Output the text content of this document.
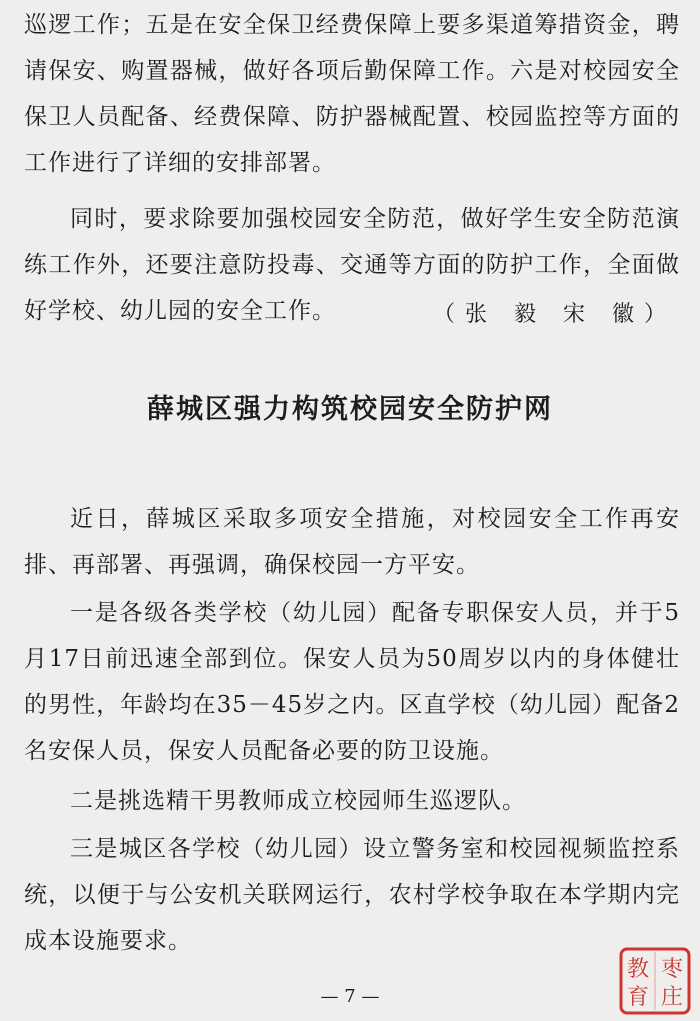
巡逻工作；五是在安全保卫经费保障上要多渠道筹措资金，聘请保安、购置器械，做好各项后勤保障工作。六是对校园安全保卫人员配备、经费保障、防护器械配置、校园监控等方面的工作进行了详细的安排部署。
同时，要求除要加强校园安全防范，做好学生安全防范演练工作外，还要注意防投毒、交通等方面的防护工作，全面做好学校、幼儿园的安全工作。	（张 毅 宋 徽）
薛城区强力构筑校园安全防护网
近日，薛城区采取多项安全措施，对校园安全工作再安排、再部署、再强调，确保校园一方平安。
一是各级各类学校（幼儿园）配备专职保安人员，并于5月17日前迅速全部到位。保安人员为50周岁以内的身体健壮的男性，年龄均在35－45岁之内。区直学校（幼儿园）配备2名安保人员，保安人员配备必要的防卫设施。
二是挑选精干男教师成立校园师生巡逻队。
三是城区各学校（幼儿园）设立警务室和校园视频监控系统，以便于与公安机关联网运行，农村学校争取在本学期内完成本设施要求。
— 7 —
枣
庄
教
育
